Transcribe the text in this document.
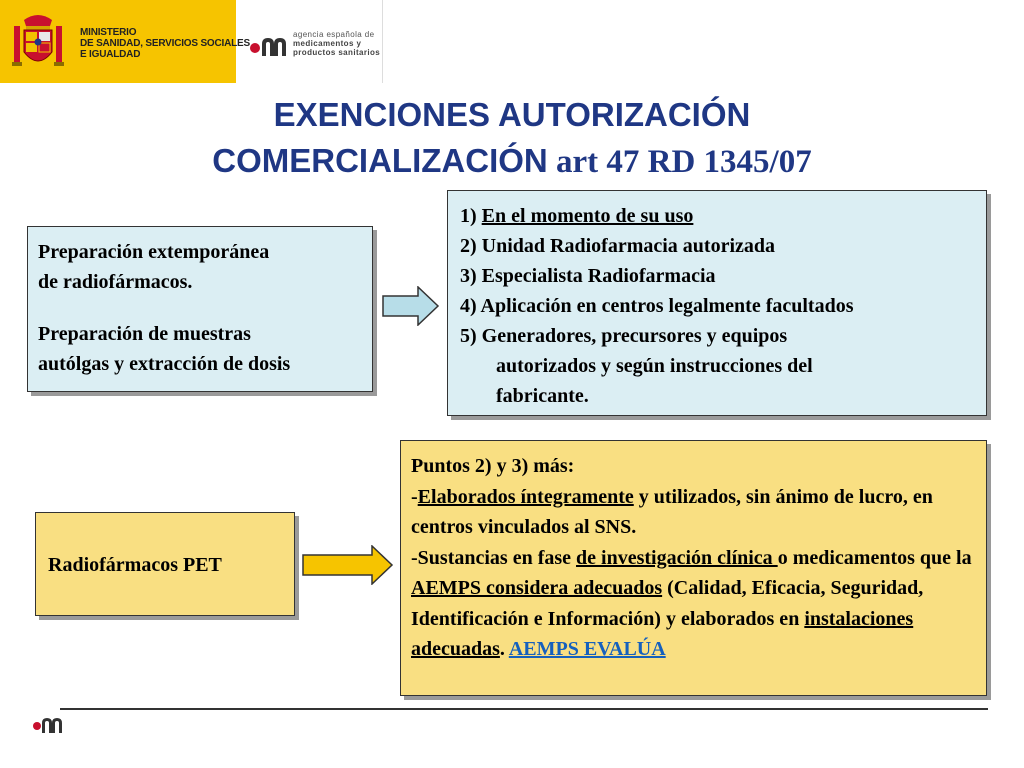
MINISTERIO
DE SANIDAD, SERVICIOS SOCIALES
E IGUALDAD
agencia española de
medicamentos y
productos sanitarios
EXENCIONES AUTORIZACIÓN
COMERCIALIZACIÓN art 47 RD 1345/07
Preparación extemporánea
de radiofármacos.
Preparación de muestras
autólgas y extracción de dosis
1) En el momento de su uso
2) Unidad Radiofarmacia autorizada
3) Especialista Radiofarmacia
4) Aplicación en centros legalmente facultados
5) Generadores, precursores y equipos
autorizados y según instrucciones del
fabricante.
Radiofármacos PET
Puntos 2) y 3) más:
-Elaborados íntegramente y utilizados, sin ánimo de lucro, en centros vinculados al SNS.
-Sustancias en fase de investigación clínica o medicamentos que la AEMPS considera adecuados (Calidad, Eficacia, Seguridad, Identificación e Información) y elaborados en instalaciones adecuadas. AEMPS EVALÚA
